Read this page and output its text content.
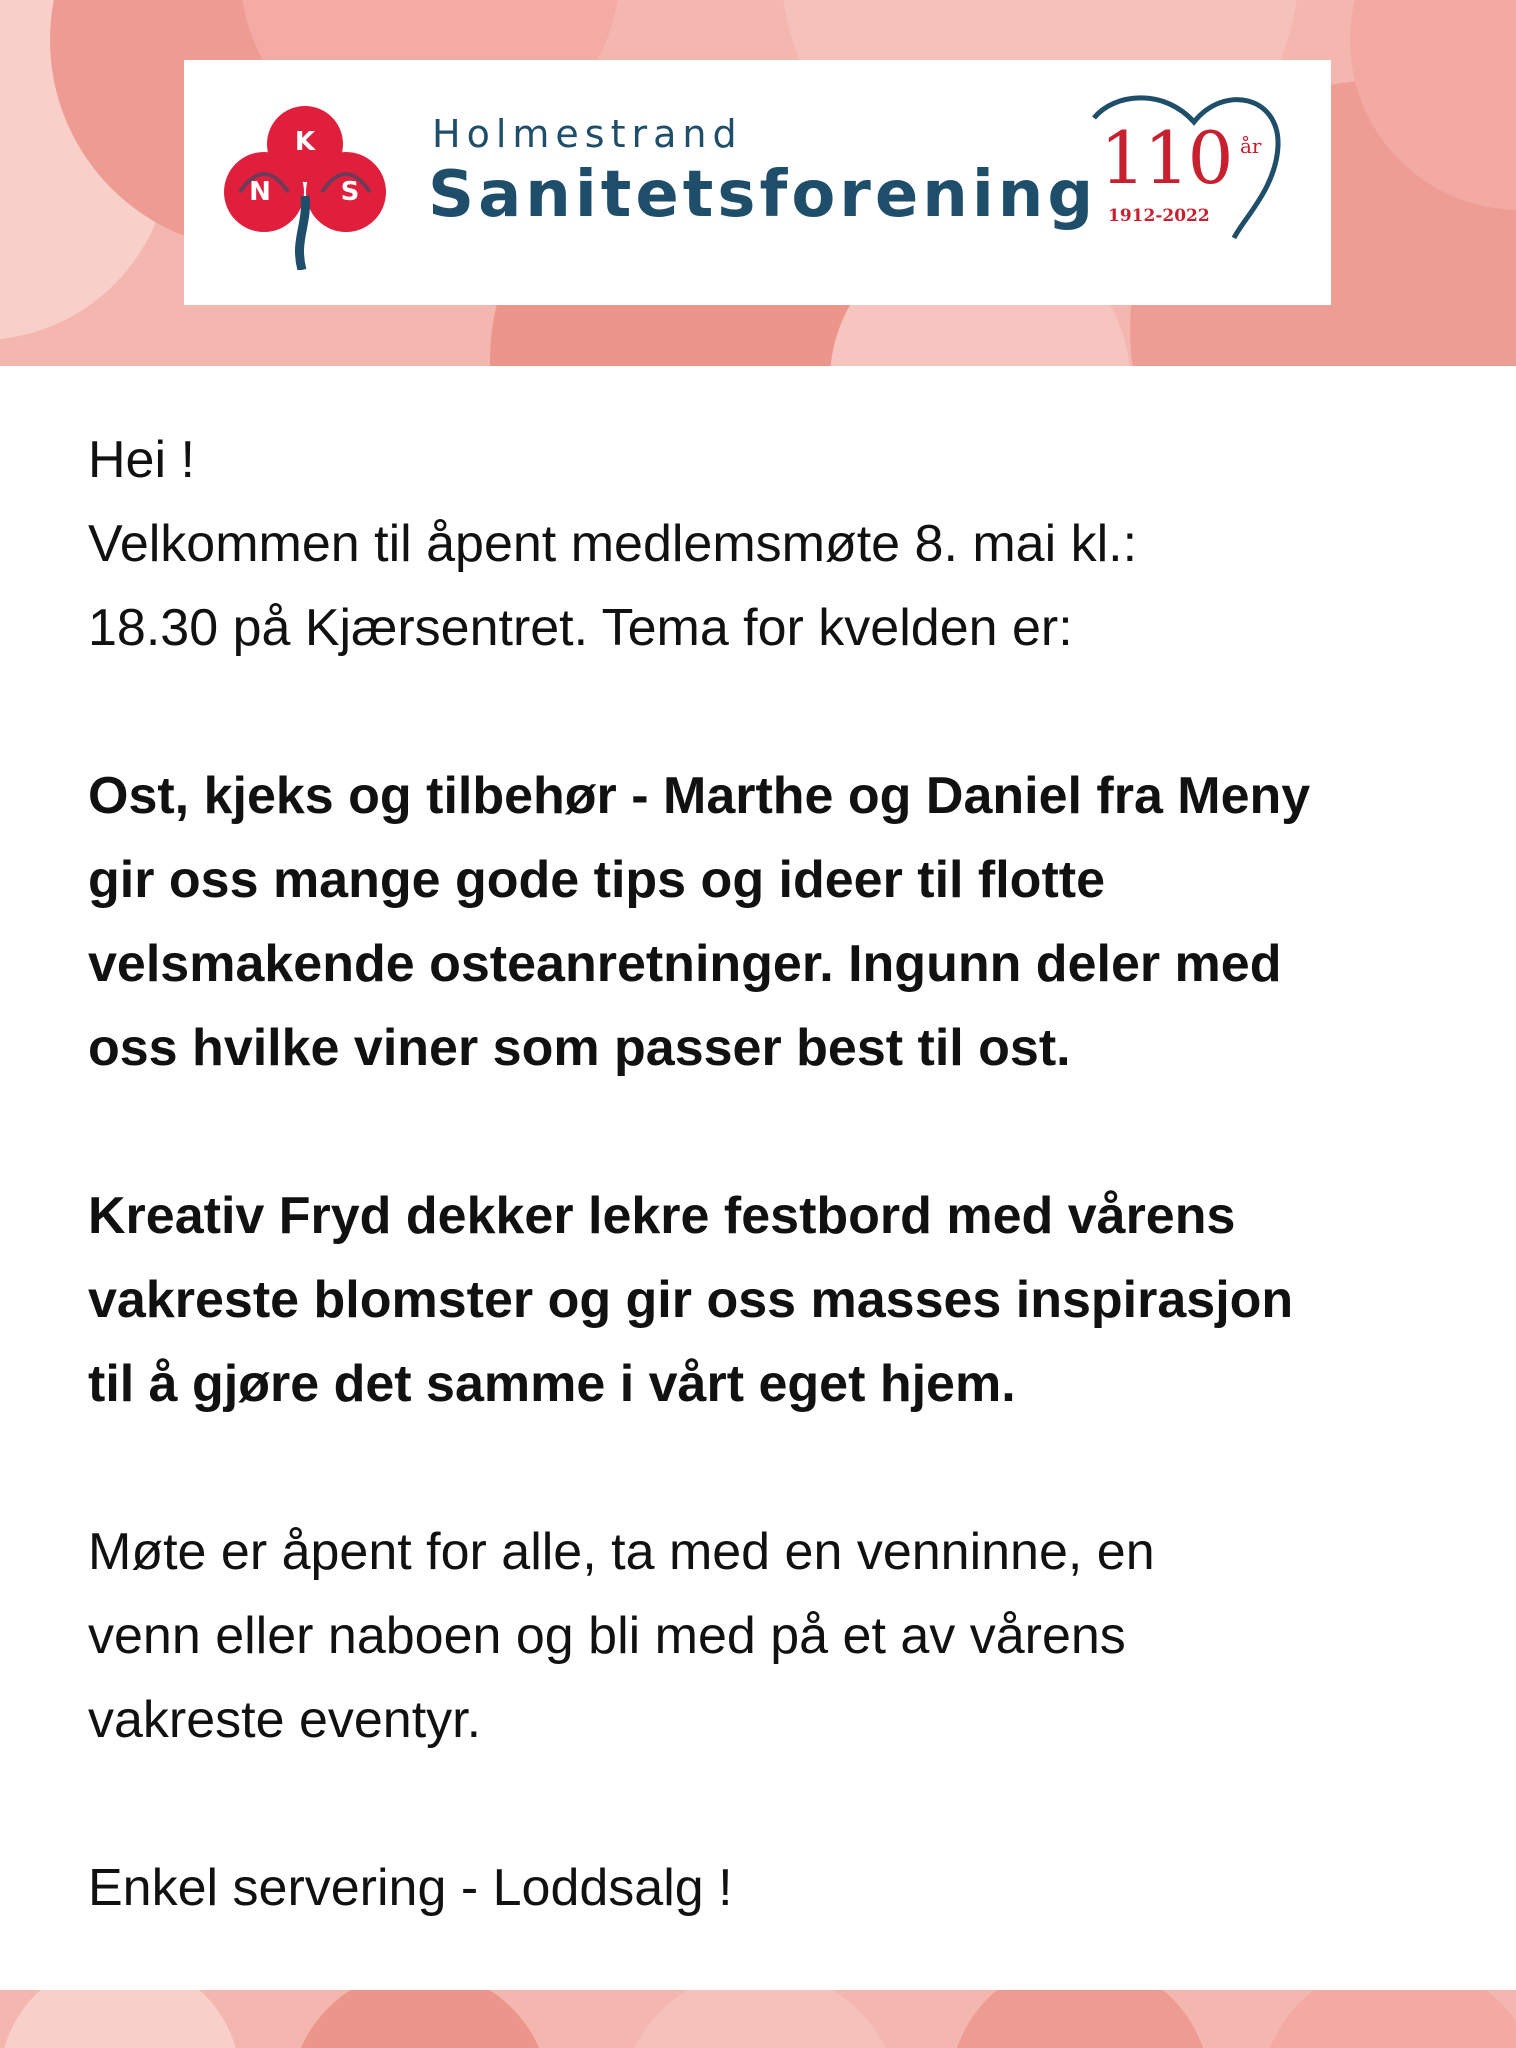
K
N	S
Holmestrand
Sanitetsforening 110 år
1912-2022

Hei !

Velkommen til åpent medlemsmøte 8. mai kl.:
18.30 på Kjærsentret. Tema for kvelden er:

Ost, kjeks og tilbehør - Marthe og Daniel fra Meny
gir oss mange gode tips og ideer til flotte
velsmakende osteanretninger. Ingunn deler med
oss hvilke viner som passer best til ost.

Kreativ Fryd dekker lekre festbord med vårens
vakreste blomster og gir oss masses inspirasjon
til å gjøre det samme i vårt eget hjem.

Møte er åpent for alle, ta med en venninne, en
venn eller naboen og bli med på et av vårens
vakreste eventyr.

Enkel servering - Loddsalg !
